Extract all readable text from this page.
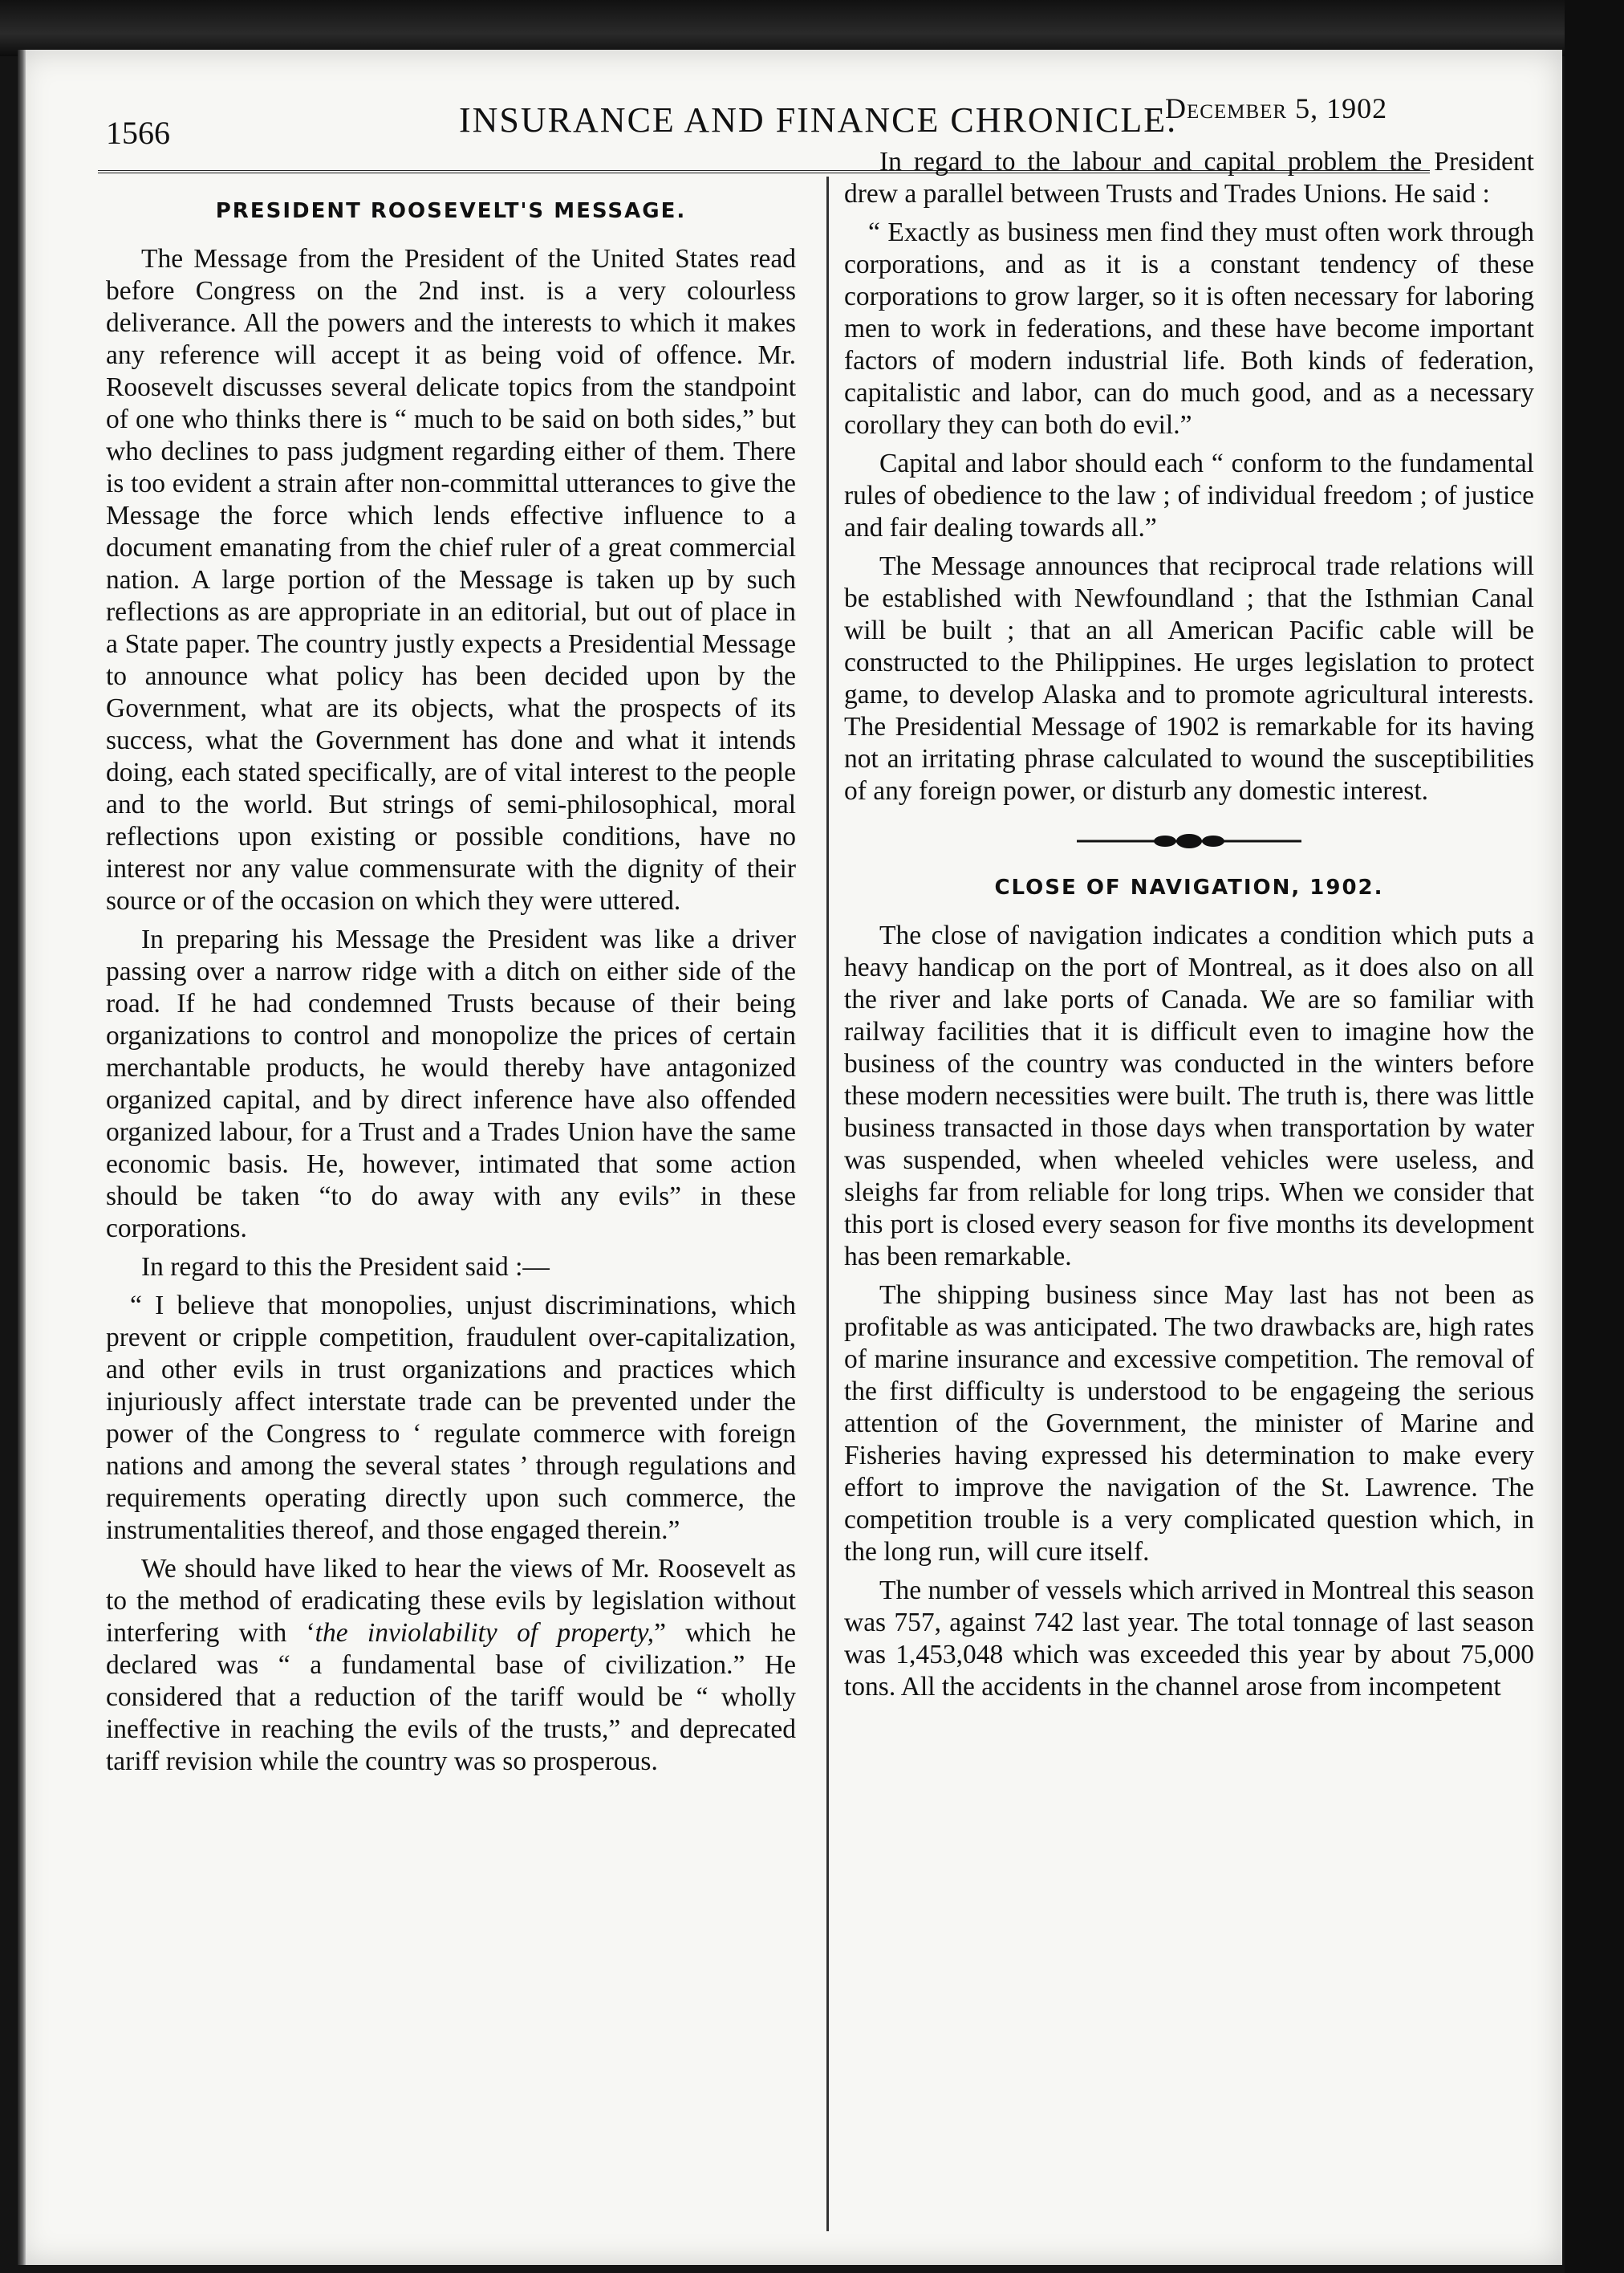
1566	INSURANCE AND FINANCE CHRONICLE.
December 5, 1902
PRESIDENT ROOSEVELT'S MESSAGE.

The Message from the President of the United States read before Congress on the 2nd inst. is a very colourless deliverance. All the powers and the interests to which it makes any reference will accept it as being void of offence. Mr. Roosevelt discusses several delicate topics from the standpoint of one who thinks there is “ much to be said on both sides,” but who declines to pass judgment regarding either of them. There is too evident a strain after non-committal utterances to give the Message the force which lends effective influence to a document emanating from the chief ruler of a great commercial nation. A large portion of the Message is taken up by such reflections as are appropriate in an editorial, but out of place in a State paper. The country justly expects a Presidential Message to announce what policy has been decided upon by the Government, what are its objects, what the prospects of its success, what the Government has done and what it intends doing, each stated specifically, are of vital interest to the people and to the world. But strings of semi-philosophical, moral reflections upon existing or possible conditions, have no interest nor any value commensurate with the dignity of their source or of the occasion on which they were uttered.

In preparing his Message the President was like a driver passing over a narrow ridge with a ditch on either side of the road. If he had condemned Trusts because of their being organizations to control and monopolize the prices of certain merchantable products, he would thereby have antagonized organized capital, and by direct inference have also offended organized labour, for a Trust and a Trades Union have the same economic basis. He, however, intimated that some action should be taken “to do away with any evils” in these corporations.

In regard to this the President said :—

“ I believe that monopolies, unjust discriminations, which prevent or cripple competition, fraudulent over-capitalization, and other evils in trust organizations and practices which injuriously affect interstate trade can be prevented under the power of the Congress to ‘ regulate commerce with foreign nations and among the several states ’ through regulations and requirements operating directly upon such commerce, the instrumentalities thereof, and those engaged therein.”

We should have liked to hear the views of Mr. Roosevelt as to the method of eradicating these evils by legislation without interfering with ‘the inviolability of property,” which he declared was “ a fundamental base of civilization.” He considered that a reduction of the tariff would be “ wholly ineffective in reaching the evils of the trusts,” and deprecated tariff revision while the country was so prosperous.

In regard to the labour and capital problem the President drew a parallel between Trusts and Trades Unions. He said :

“ Exactly as business men find they must often work through corporations, and as it is a constant tendency of these corporations to grow larger, so it is often necessary for laboring men to work in federations, and these have become important factors of modern industrial life. Both kinds of federation, capitalistic and labor, can do much good, and as a necessary corollary they can both do evil.”

Capital and labor should each “ conform to the fundamental rules of obedience to the law ; of individual freedom ; of justice and fair dealing towards all.”

The Message announces that reciprocal trade relations will be established with Newfoundland ; that the Isthmian Canal will be built ; that an all American Pacific cable will be constructed to the Philippines. He urges legislation to protect game, to develop Alaska and to promote agricultural interests. The Presidential Message of 1902 is remarkable for its having not an irritating phrase calculated to wound the susceptibilities of any foreign power, or disturb any domestic interest.

CLOSE OF NAVIGATION, 1902.

The close of navigation indicates a condition which puts a heavy handicap on the port of Montreal, as it does also on all the river and lake ports of Canada. We are so familiar with railway facilities that it is difficult even to imagine how the business of the country was conducted in the winters before these modern necessities were built. The truth is, there was little business transacted in those days when transportation by water was suspended, when wheeled vehicles were useless, and sleighs far from reliable for long trips. When we consider that this port is closed every season for five months its development has been remarkable.

The shipping business since May last has not been as profitable as was anticipated. The two drawbacks are, high rates of marine insurance and excessive competition. The removal of the first difficulty is understood to be engageing the serious attention of the Government, the minister of Marine and Fisheries having expressed his determination to make every effort to improve the navigation of the St. Lawrence. The competition trouble is a very complicated question which, in the long run, will cure itself.

The number of vessels which arrived in Montreal this season was 757, against 742 last year. The total tonnage of last season was 1,453,048 which was exceeded this year by about 75,000 tons. All the accidents in the channel arose from incompetent
